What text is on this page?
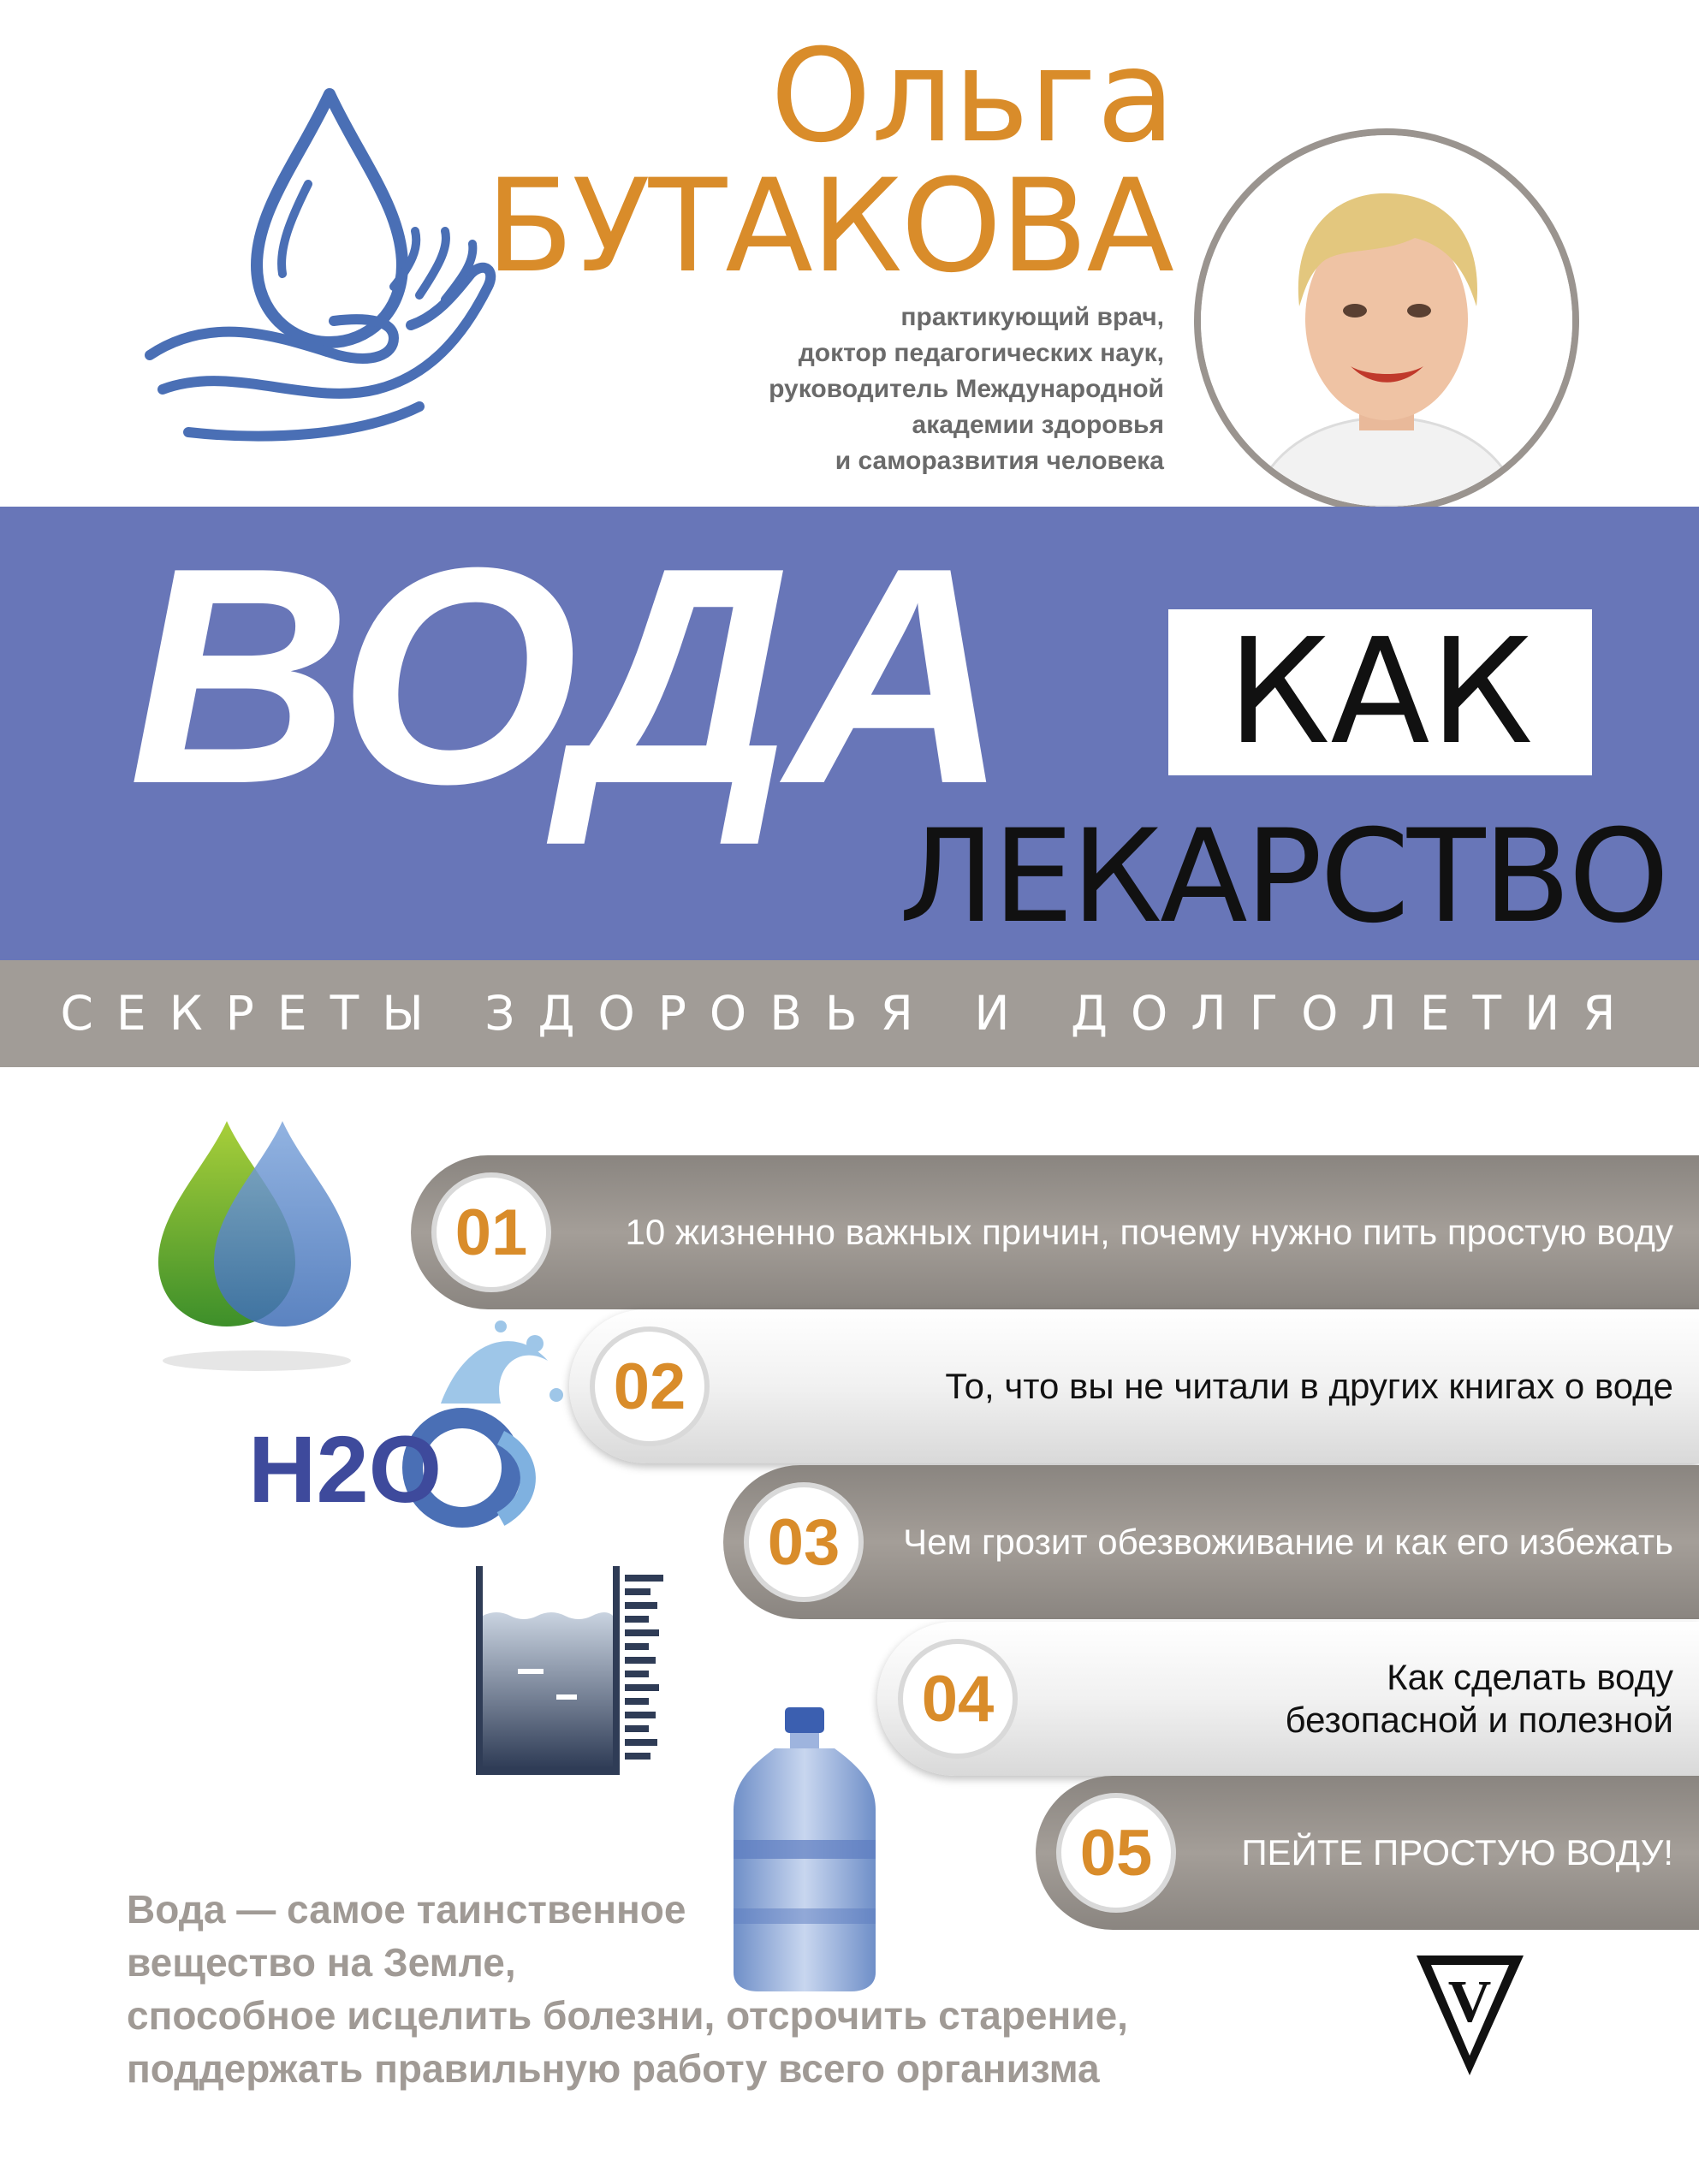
Ольга
БУТАКОВА
практикующий врач,
доктор педагогических наук,
руководитель Международной
академии здоровья
и саморазвития человека
ВОДА	КАК
ЛЕКАРСТВО
СЕКРЕТЫ ЗДОРОВЬЯ И ДОЛГОЛЕТИЯ
H2O
01	10 жизненно важных причин, почему нужно пить простую воду
02	То, что вы не читали в других книгах о воде
03	Чем грозит обезвоживание и как его избежать
04	Как сделать воду
безопасной и полезной
05	ПЕЙТЕ ПРОСТУЮ ВОДУ!
Вода — самое таинственное
вещество на Земле,
способное исцелить болезни, отсрочить старение,
поддержать правильную работу всего организма
V
